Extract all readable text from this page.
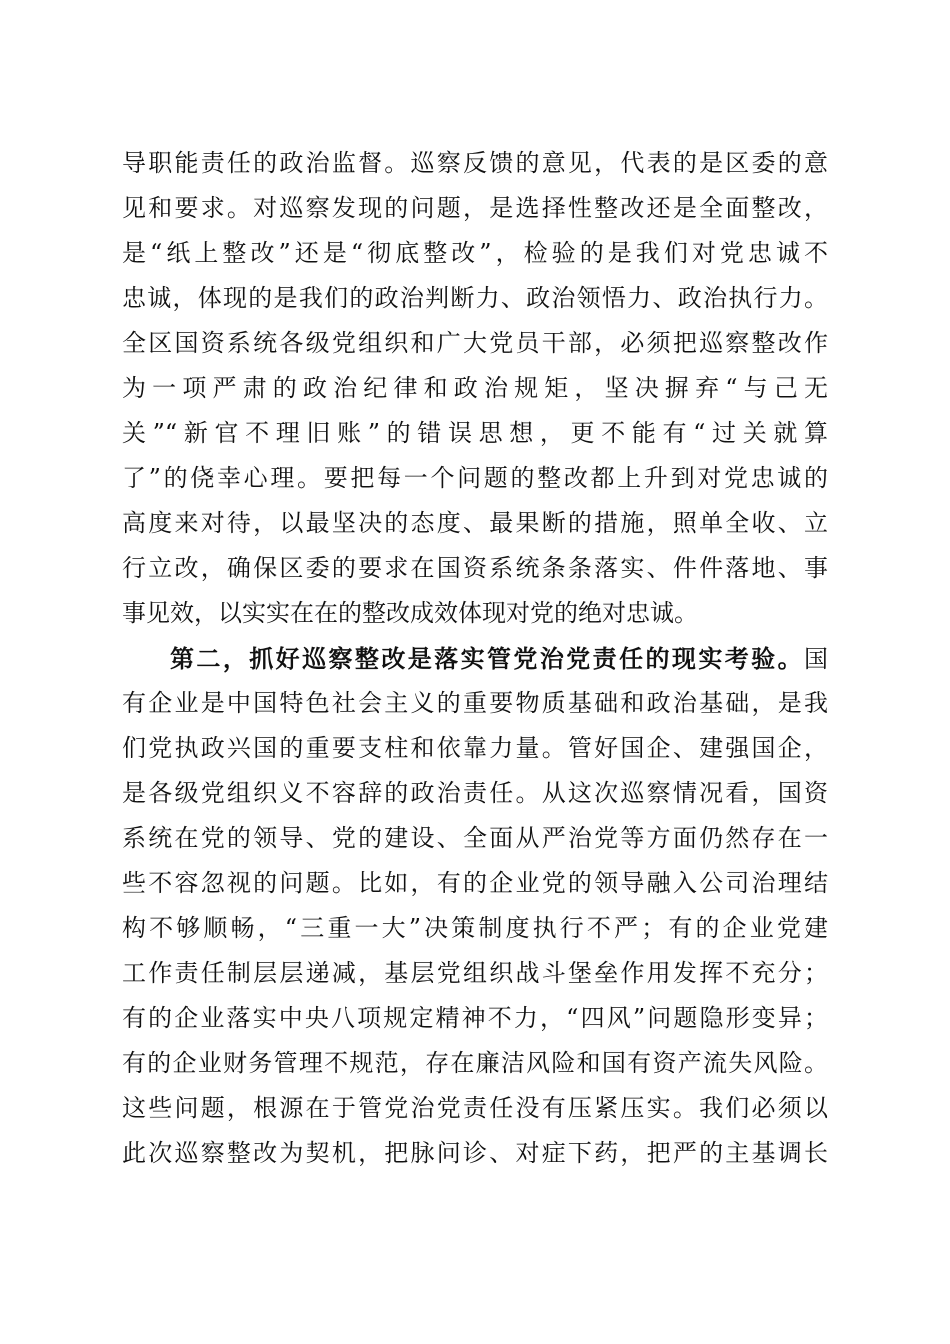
导职能责任的政治监督。巡察反馈的意见，代表的是区委的意
见和要求。对巡察发现的问题，是选择性整改还是全面整改，
是“纸上整改”还是“彻底整改”，检验的是我们对党忠诚不
忠诚，体现的是我们的政治判断力、政治领悟力、政治执行力。
全区国资系统各级党组织和广大党员干部，必须把巡察整改作
为一项严肃的政治纪律和政治规矩，坚决摒弃“与己无
关”“新官不理旧账”的错误思想，更不能有“过关就算
了”的侥幸心理。要把每一个问题的整改都上升到对党忠诚的
高度来对待，以最坚决的态度、最果断的措施，照单全收、立
行立改，确保区委的要求在国资系统条条落实、件件落地、事
事见效，以实实在在的整改成效体现对党的绝对忠诚。
第二，抓好巡察整改是落实管党治党责任的现实考验。国
有企业是中国特色社会主义的重要物质基础和政治基础，是我
们党执政兴国的重要支柱和依靠力量。管好国企、建强国企，
是各级党组织义不容辞的政治责任。从这次巡察情况看，国资
系统在党的领导、党的建设、全面从严治党等方面仍然存在一
些不容忽视的问题。比如，有的企业党的领导融入公司治理结
构不够顺畅，“三重一大”决策制度执行不严；有的企业党建
工作责任制层层递减，基层党组织战斗堡垒作用发挥不充分；
有的企业落实中央八项规定精神不力，“四风”问题隐形变异；
有的企业财务管理不规范，存在廉洁风险和国有资产流失风险。
这些问题，根源在于管党治党责任没有压紧压实。我们必须以
此次巡察整改为契机，把脉问诊、对症下药，把严的主基调长
